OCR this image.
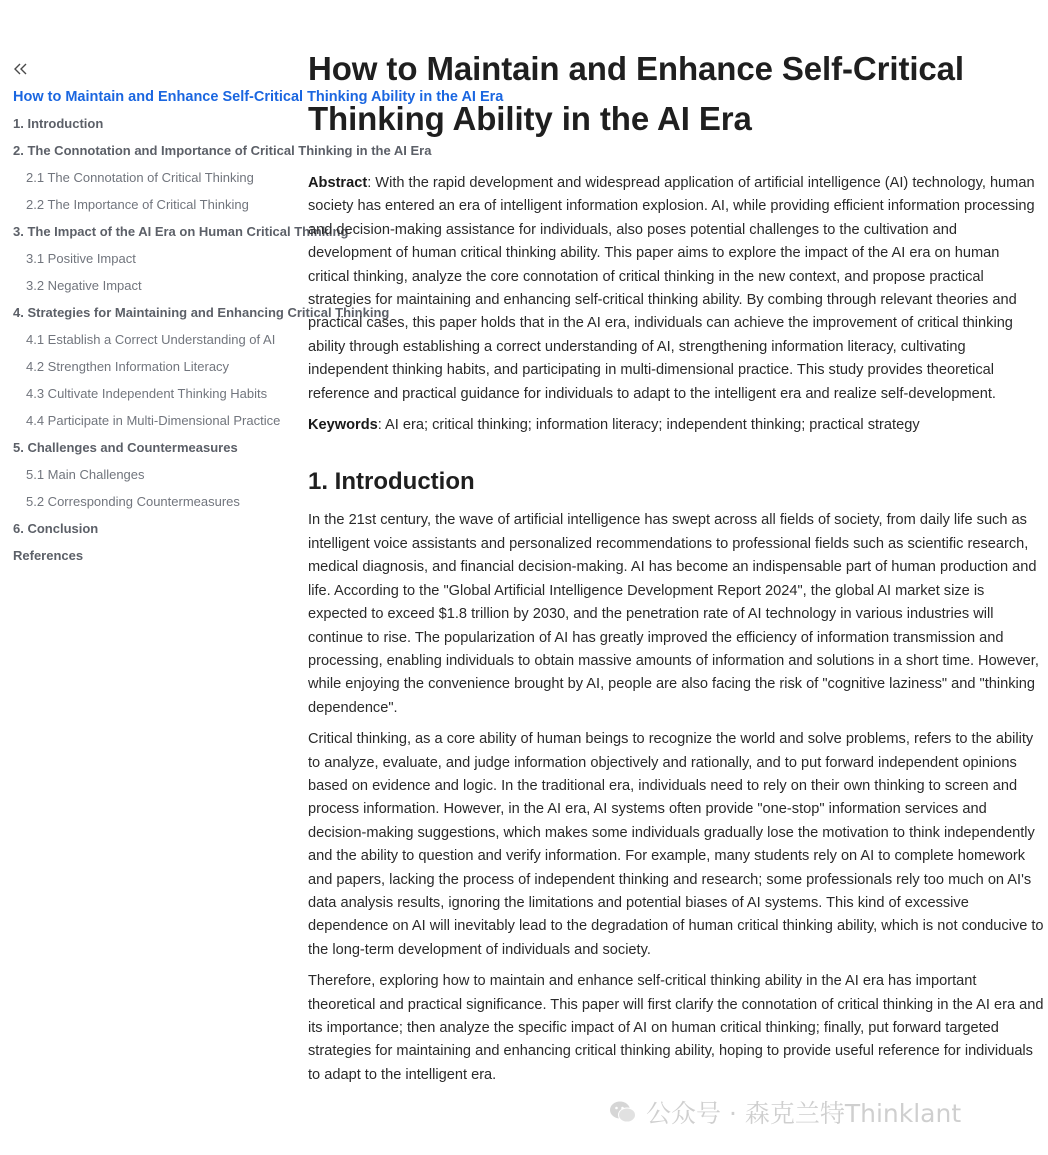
How to Maintain and Enhance Self-Critical Thinking Ability in the AI Era
1. Introduction
2. The Connotation and Importance of Critical Thinking in the AI Era
2.1 The Connotation of Critical Thinking
2.2 The Importance of Critical Thinking
3. The Impact of the AI Era on Human Critical Thinking
3.1 Positive Impact
3.2 Negative Impact
4. Strategies for Maintaining and Enhancing Critical Thinking
4.1 Establish a Correct Understanding of AI
4.2 Strengthen Information Literacy
4.3 Cultivate Independent Thinking Habits
4.4 Participate in Multi-Dimensional Practice
5. Challenges and Countermeasures
5.1 Main Challenges
5.2 Corresponding Countermeasures
6. Conclusion
References
How to Maintain and Enhance Self-Critical Thinking Ability in the AI Era

Abstract: With the rapid development and widespread application of artificial intelligence (AI) technology, human society has entered an era of intelligent information explosion. AI, while providing efficient information processing and decision-making assistance for individuals, also poses potential challenges to the cultivation and development of human critical thinking ability. This paper aims to explore the impact of the AI era on human critical thinking, analyze the core connotation of critical thinking in the new context, and propose practical strategies for maintaining and enhancing self-critical thinking ability. By combing through relevant theories and practical cases, this paper holds that in the AI era, individuals can achieve the improvement of critical thinking ability through establishing a correct understanding of AI, strengthening information literacy, cultivating independent thinking habits, and participating in multi-dimensional practice. This study provides theoretical reference and practical guidance for individuals to adapt to the intelligent era and realize self-development.

Keywords: AI era; critical thinking; information literacy; independent thinking; practical strategy

1. Introduction

In the 21st century, the wave of artificial intelligence has swept across all fields of society, from daily life such as intelligent voice assistants and personalized recommendations to professional fields such as scientific research, medical diagnosis, and financial decision-making. AI has become an indispensable part of human production and life. According to the "Global Artificial Intelligence Development Report 2024", the global AI market size is expected to exceed $1.8 trillion by 2030, and the penetration rate of AI technology in various industries will continue to rise. The popularization of AI has greatly improved the efficiency of information transmission and processing, enabling individuals to obtain massive amounts of information and solutions in a short time. However, while enjoying the convenience brought by AI, people are also facing the risk of "cognitive laziness" and "thinking dependence".

Critical thinking, as a core ability of human beings to recognize the world and solve problems, refers to the ability to analyze, evaluate, and judge information objectively and rationally, and to put forward independent opinions based on evidence and logic. In the traditional era, individuals need to rely on their own thinking to screen and process information. However, in the AI era, AI systems often provide "one-stop" information services and decision-making suggestions, which makes some individuals gradually lose the motivation to think independently and the ability to question and verify information. For example, many students rely on AI to complete homework and papers, lacking the process of independent thinking and research; some professionals rely too much on AI's data analysis results, ignoring the limitations and potential biases of AI systems. This kind of excessive dependence on AI will inevitably lead to the degradation of human critical thinking ability, which is not conducive to the long-term development of individuals and society.

Therefore, exploring how to maintain and enhance self-critical thinking ability in the AI era has important theoretical and practical significance. This paper will first clarify the connotation of critical thinking in the AI era and its importance; then analyze the specific impact of AI on human critical thinking; finally, put forward targeted strategies for maintaining and enhancing critical thinking ability, hoping to provide useful reference for individuals to adapt to the intelligent era.

公众号 · 森克兰特Thinklant
